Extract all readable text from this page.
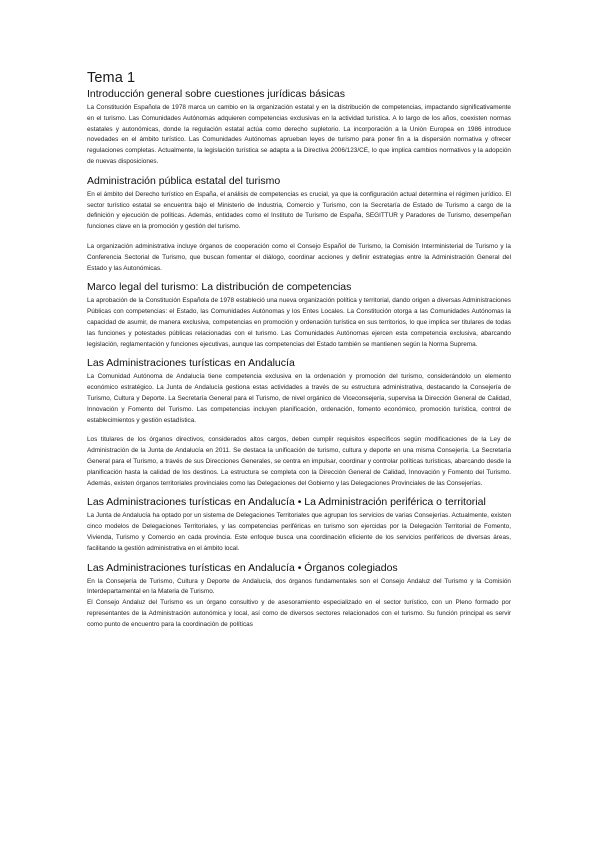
Tema 1
Introducción general sobre cuestiones jurídicas básicas

La Constitución Española de 1978 marca un cambio en la organización estatal y en la distribución de competencias, impactando significativamente en el turismo. Las Comunidades Autónomas adquieren competencias exclusivas en la actividad turística. A lo largo de los años, coexisten normas estatales y autonómicas, donde la regulación estatal actúa como derecho supletorio. La incorporación a la Unión Europea en 1986 introduce novedades en el ámbito turístico. Las Comunidades Autónomas aprueban leyes de turismo para poner fin a la dispersión normativa y ofrecer regulaciones completas. Actualmente, la legislación turística se adapta a la Directiva 2006/123/CE, lo que implica cambios normativos y la adopción de nuevas disposiciones.

Administración pública estatal del turismo

En el ámbito del Derecho turístico en España, el análisis de competencias es crucial, ya que la configuración actual determina el régimen jurídico. El sector turístico estatal se encuentra bajo el Ministerio de Industria, Comercio y Turismo, con la Secretaría de Estado de Turismo a cargo de la definición y ejecución de políticas. Además, entidades como el Instituto de Turismo de España, SEGITTUR y Paradores de Turismo, desempeñan funciones clave en la promoción y gestión del turismo.

La organización administrativa incluye órganos de cooperación como el Consejo Español de Turismo, la Comisión Interministerial de Turismo y la Conferencia Sectorial de Turismo, que buscan fomentar el diálogo, coordinar acciones y definir estrategias entre la Administración General del Estado y las Autonómicas.

Marco legal del turismo: La distribución de competencias

La aprobación de la Constitución Española de 1978 estableció una nueva organización política y territorial, dando origen a diversas Administraciones Públicas con competencias: el Estado, las Comunidades Autónomas y los Entes Locales. La Constitución otorga a las Comunidades Autónomas la capacidad de asumir, de manera exclusiva, competencias en promoción y ordenación turística en sus territorios, lo que implica ser titulares de todas las funciones y potestades públicas relacionadas con el turismo. Las Comunidades Autónomas ejercen esta competencia exclusiva, abarcando legislación, reglamentación y funciones ejecutivas, aunque las competencias del Estado también se mantienen según la Norma Suprema.

Las Administraciones turísticas en Andalucía

La Comunidad Autónoma de Andalucía tiene competencia exclusiva en la ordenación y promoción del turismo, considerándolo un elemento económico estratégico. La Junta de Andalucía gestiona estas actividades a través de su estructura administrativa, destacando la Consejería de Turismo, Cultura y Deporte. La Secretaría General para el Turismo, de nivel orgánico de Viceconsejería, supervisa la Dirección General de Calidad, Innovación y Fomento del Turismo. Las competencias incluyen planificación, ordenación, fomento económico, promoción turística, control de establecimientos y gestión estadística.

Los titulares de los órganos directivos, considerados altos cargos, deben cumplir requisitos específicos según modificaciones de la Ley de Administración de la Junta de Andalucía en 2011. Se destaca la unificación de turismo, cultura y deporte en una misma Consejería. La Secretaría General para el Turismo, a través de sus Direcciones Generales, se centra en impulsar, coordinar y controlar políticas turísticas, abarcando desde la planificación hasta la calidad de los destinos. La estructura se completa con la Dirección General de Calidad, Innovación y Fomento del Turismo. Además, existen órganos territoriales provinciales como las Delegaciones del Gobierno y las Delegaciones Provinciales de las Consejerías.

Las Administraciones turísticas en Andalucía • La Administración periférica o territorial

La Junta de Andalucía ha optado por un sistema de Delegaciones Territoriales que agrupan los servicios de varias Consejerías. Actualmente, existen cinco modelos de Delegaciones Territoriales, y las competencias periféricas en turismo son ejercidas por la Delegación Territorial de Fomento, Vivienda, Turismo y Comercio en cada provincia. Este enfoque busca una coordinación eficiente de los servicios periféricos de diversas áreas, facilitando la gestión administrativa en el ámbito local.

Las Administraciones turísticas en Andalucía • Órganos colegiados

En la Consejería de Turismo, Cultura y Deporte de Andalucía, dos órganos fundamentales son el Consejo Andaluz del Turismo y la Comisión Interdepartamental en la Materia de Turismo.

El Consejo Andaluz del Turismo es un órgano consultivo y de asesoramiento especializado en el sector turístico, con un Pleno formado por representantes de la Administración autonómica y local, así como de diversos sectores relacionados con el turismo. Su función principal es servir como punto de encuentro para la coordinación de políticas
